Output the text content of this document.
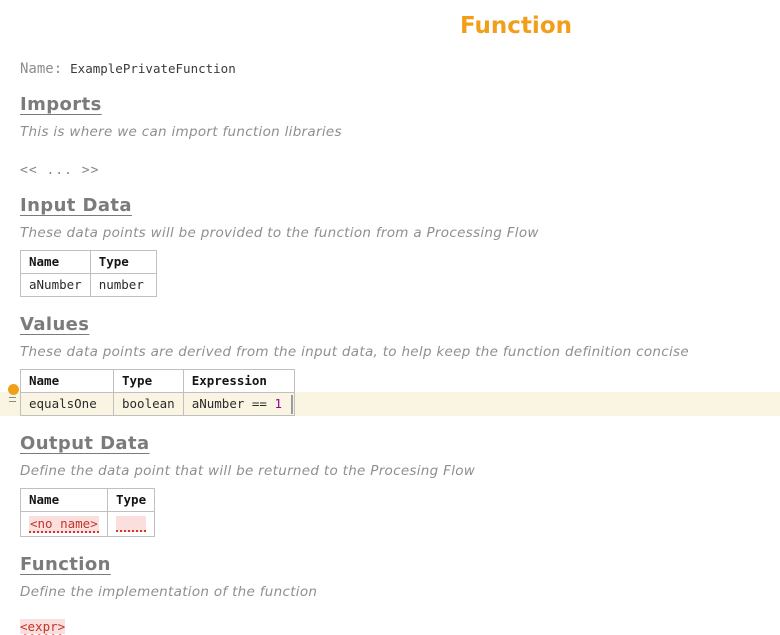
Function
Name: ExamplePrivateFunction
Imports

This is where we can import function libraries

<< ... >>
Input Data

These data points will be provided to the function from a Processing Flow

Name	Type
aNumber	number
Values

These data points are derived from the input data, to help keep the function definition concise

Name	Type	Expression
equalsOne	boolean	aNumber == 1
Output Data

Define the data point that will be returned to the Procesing Flow

Name	Type
<no name>	
Function

Define the implementation of the function

<expr>
